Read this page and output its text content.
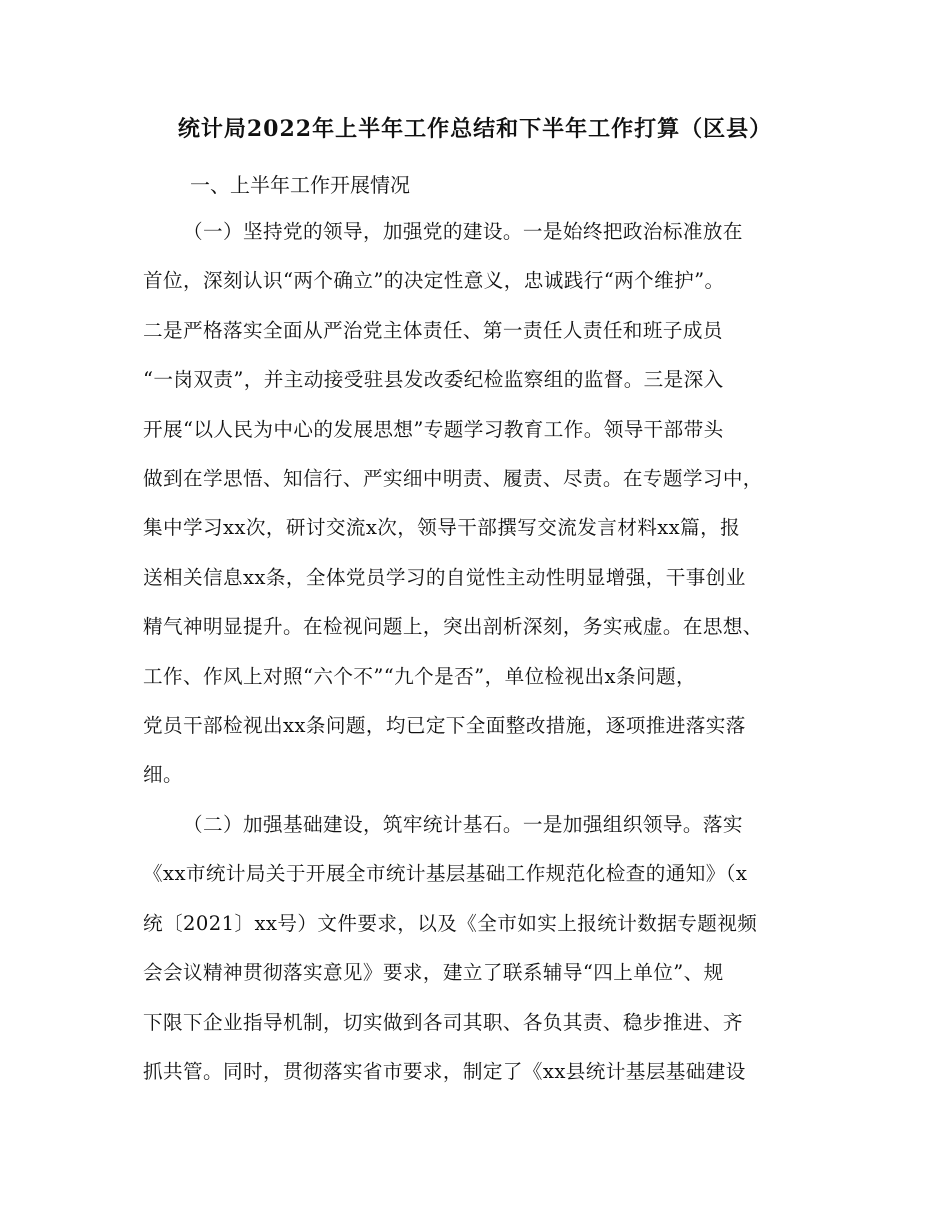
统计局2022年上半年工作总结和下半年工作打算（区县）
一、上半年工作开展情况
（一）坚持党的领导，加强党的建设。一是始终把政治标准放在
首位，深刻认识“两个确立”的决定性意义，忠诚践行“两个维护”。
二是严格落实全面从严治党主体责任、第一责任人责任和班子成员
“一岗双责”，并主动接受驻县发改委纪检监察组的监督。三是深入
开展“以人民为中心的发展思想”专题学习教育工作。领导干部带头
做到在学思悟、知信行、严实细中明责、履责、尽责。在专题学习中，
集中学习xx次，研讨交流x次，领导干部撰写交流发言材料xx篇，报
送相关信息xx条，全体党员学习的自觉性主动性明显增强，干事创业
精气神明显提升。在检视问题上，突出剖析深刻，务实戒虚。在思想、
工作、作风上对照“六个不”“九个是否”，单位检视出x条问题，
党员干部检视出xx条问题，均已定下全面整改措施，逐项推进落实落
细。
（二）加强基础建设，筑牢统计基石。一是加强组织领导。落实
《xx市统计局关于开展全市统计基层基础工作规范化检查的通知》（x
统〔2021〕xx号）文件要求，以及《全市如实上报统计数据专题视频
会会议精神贯彻落实意见》要求，建立了联系辅导“四上单位”、规
下限下企业指导机制，切实做到各司其职、各负其责、稳步推进、齐
抓共管。同时，贯彻落实省市要求，制定了《xx县统计基层基础建设
